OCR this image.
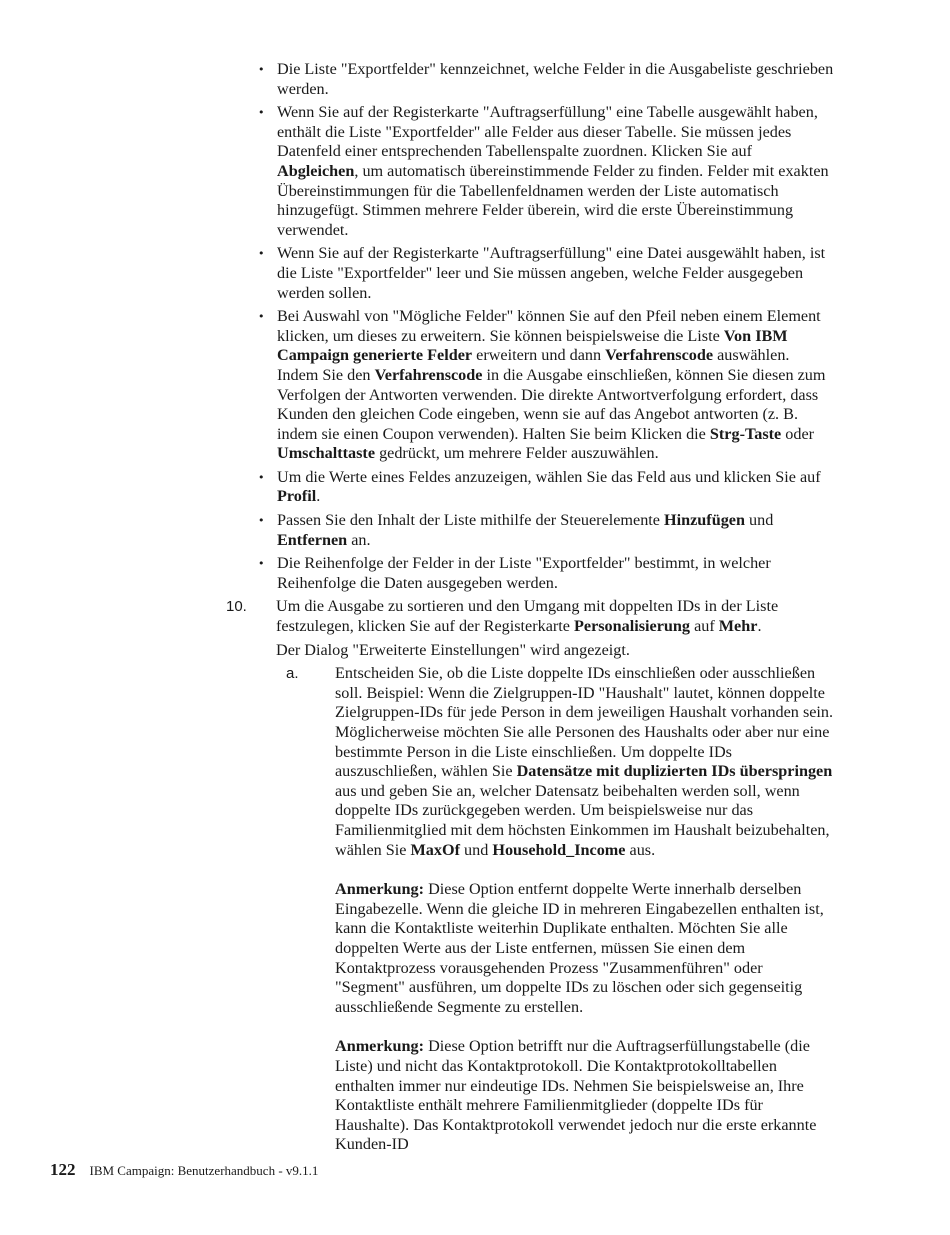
• Die Liste "Exportfelder" kennzeichnet, welche Felder in die Ausgabeliste geschrieben werden.
• Wenn Sie auf der Registerkarte "Auftragserfüllung" eine Tabelle ausgewählt haben, enthält die Liste "Exportfelder" alle Felder aus dieser Tabelle. Sie müssen jedes Datenfeld einer entsprechenden Tabellenspalte zuordnen. Klicken Sie auf Abgleichen, um automatisch übereinstimmende Felder zu finden. Felder mit exakten Übereinstimmungen für die Tabellenfeldnamen werden der Liste automatisch hinzugefügt. Stimmen mehrere Felder überein, wird die erste Übereinstimmung verwendet.
• Wenn Sie auf der Registerkarte "Auftragserfüllung" eine Datei ausgewählt haben, ist die Liste "Exportfelder" leer und Sie müssen angeben, welche Felder ausgegeben werden sollen.
• Bei Auswahl von "Mögliche Felder" können Sie auf den Pfeil neben einem Element klicken, um dieses zu erweitern. Sie können beispielsweise die Liste Von IBM Campaign generierte Felder erweitern und dann Verfahrenscode auswählen. Indem Sie den Verfahrenscode in die Ausgabe einschließen, können Sie diesen zum Verfolgen der Antworten verwenden. Die direkte Antwortverfolgung erfordert, dass Kunden den gleichen Code eingeben, wenn sie auf das Angebot antworten (z. B. indem sie einen Coupon verwenden). Halten Sie beim Klicken die Strg-Taste oder Umschalttaste gedrückt, um mehrere Felder auszuwählen.
• Um die Werte eines Feldes anzuzeigen, wählen Sie das Feld aus und klicken Sie auf Profil.
• Passen Sie den Inhalt der Liste mithilfe der Steuerelemente Hinzufügen und Entfernen an.
• Die Reihenfolge der Felder in der Liste "Exportfelder" bestimmt, in welcher Reihenfolge die Daten ausgegeben werden.
10. Um die Ausgabe zu sortieren und den Umgang mit doppelten IDs in der Liste festzulegen, klicken Sie auf der Registerkarte Personalisierung auf Mehr.

Der Dialog "Erweiterte Einstellungen" wird angezeigt.

a. Entscheiden Sie, ob die Liste doppelte IDs einschließen oder ausschließen soll. Beispiel: Wenn die Zielgruppen-ID "Haushalt" lautet, können doppelte Zielgruppen-IDs für jede Person in dem jeweiligen Haushalt vorhanden sein. Möglicherweise möchten Sie alle Personen des Haushalts oder aber nur eine bestimmte Person in die Liste einschließen. Um doppelte IDs auszuschließen, wählen Sie Datensätze mit duplizierten IDs überspringen aus und geben Sie an, welcher Datensatz beibehalten werden soll, wenn doppelte IDs zurückgegeben werden. Um beispielsweise nur das Familienmitglied mit dem höchsten Einkommen im Haushalt beizubehalten, wählen Sie MaxOf und Household_Income aus.

Anmerkung: Diese Option entfernt doppelte Werte innerhalb derselben Eingabezelle. Wenn die gleiche ID in mehreren Eingabezellen enthalten ist, kann die Kontaktliste weiterhin Duplikate enthalten. Möchten Sie alle doppelten Werte aus der Liste entfernen, müssen Sie einen dem Kontaktprozess vorausgehenden Prozess "Zusammenführen" oder "Segment" ausführen, um doppelte IDs zu löschen oder sich gegenseitig ausschließende Segmente zu erstellen.

Anmerkung: Diese Option betrifft nur die Auftragserfüllungstabelle (die Liste) und nicht das Kontaktprotokoll. Die Kontaktprotokolltabellen enthalten immer nur eindeutige IDs. Nehmen Sie beispielsweise an, Ihre Kontaktliste enthält mehrere Familienmitglieder (doppelte IDs für Haushalte). Das Kontaktprotokoll verwendet jedoch nur die erste erkannte Kunden-ID

122 IBM Campaign: Benutzerhandbuch - v9.1.1
